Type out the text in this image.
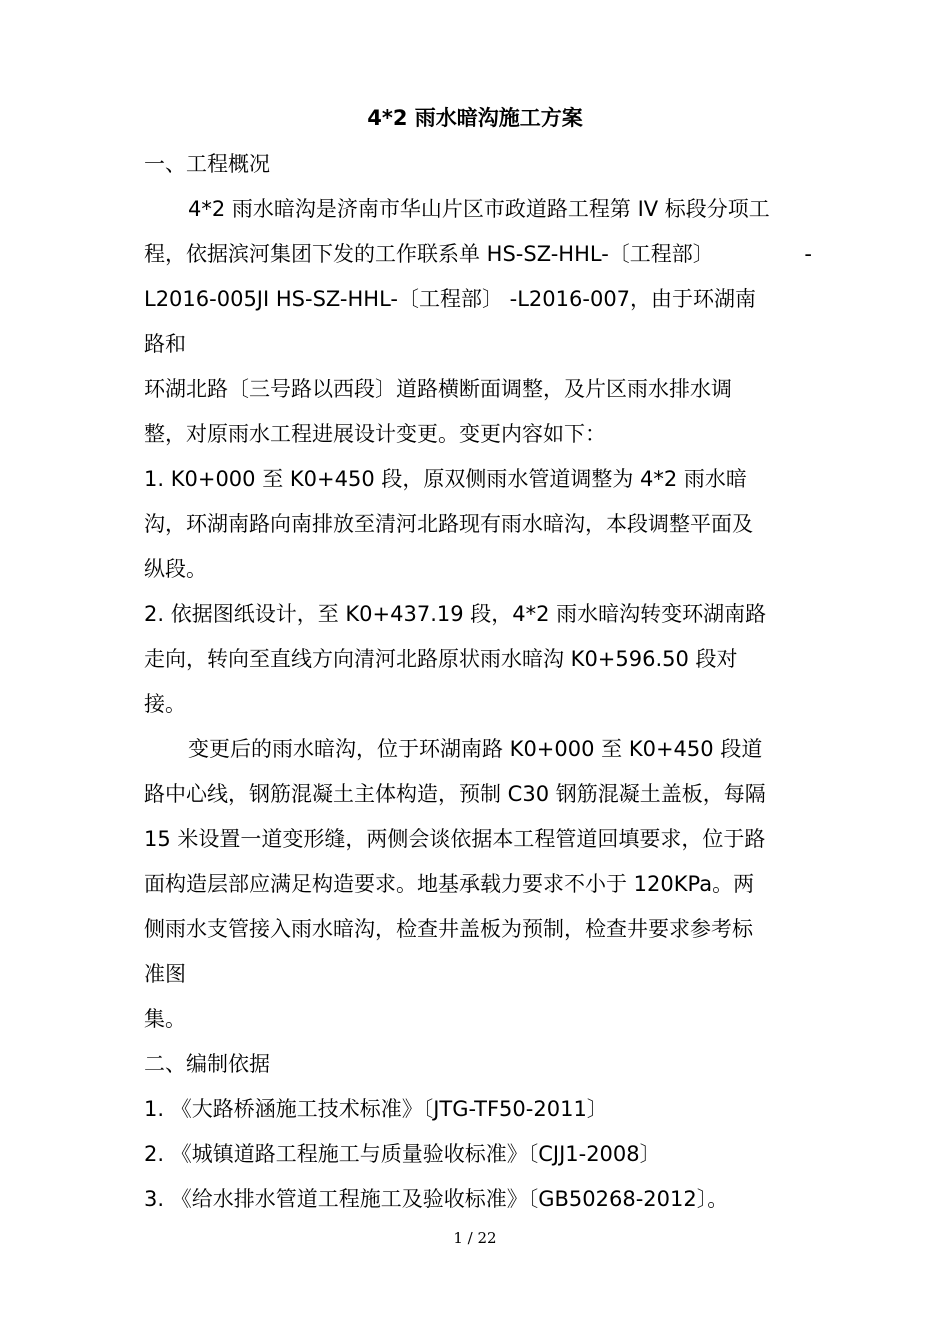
4*2 雨水暗沟施工方案
一、工程概况
4*2 雨水暗沟是济南市华山片区市政道路工程第 IV 标段分项工
程，依据滨河集团下发的工作联系单 HS-SZ-HHL-〔工程部〕	-
L2016-005JI HS-SZ-HHL-〔工程部〕 -L2016-007，由于环湖南
路和
环湖北路〔三号路以西段〕道路横断面调整，及片区雨水排水调
整，对原雨水工程进展设计变更。变更内容如下：
1. K0+000 至 K0+450 段，原双侧雨水管道调整为 4*2 雨水暗
沟，环湖南路向南排放至清河北路现有雨水暗沟，本段调整平面及
纵段。
2. 依据图纸设计，至 K0+437.19 段，4*2 雨水暗沟转变环湖南路
走向，转向至直线方向清河北路原状雨水暗沟 K0+596.50 段对
接。
变更后的雨水暗沟，位于环湖南路 K0+000 至 K0+450 段道
路中心线，钢筋混凝土主体构造，预制 C30 钢筋混凝土盖板，每隔
15 米设置一道变形缝，两侧会谈依据本工程管道回填要求，位于路
面构造层部应满足构造要求。地基承载力要求不小于 120KPa。两
侧雨水支管接入雨水暗沟，检查井盖板为预制，检查井要求参考标
准图
集。
二、编制依据
1. 《大路桥涵施工技术标准》〔JTG-TF50-2011〕
2. 《城镇道路工程施工与质量验收标准》〔CJJ1-2008〕
3. 《给水排水管道工程施工及验收标准》〔GB50268-2012〕。
1 / 22
